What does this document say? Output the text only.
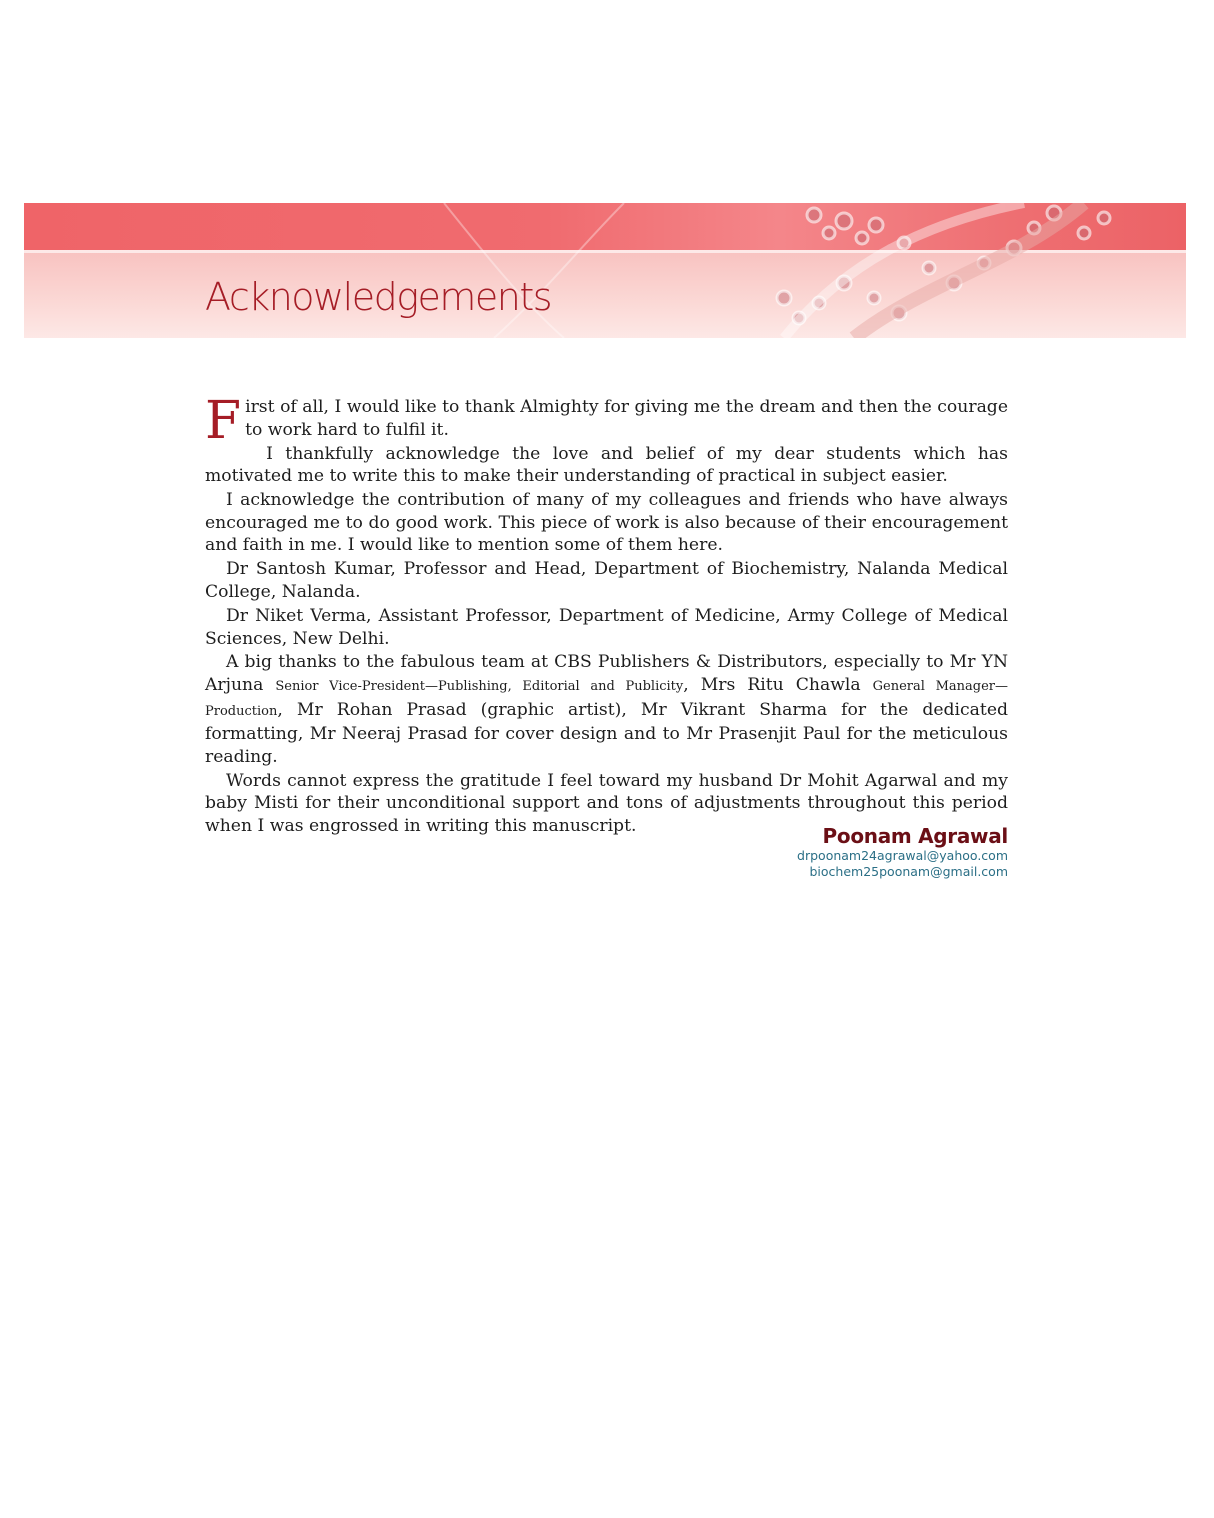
Acknowledgements

First of all, I would like to thank Almighty for giving me the dream and then the courage to work hard to fulfil it.

I thankfully acknowledge the love and belief of my dear students which has motivated me to write this to make their understanding of practical in subject easier.

I acknowledge the contribution of many of my colleagues and friends who have always encouraged me to do good work. This piece of work is also because of their encouragement and faith in me. I would like to mention some of them here.

Dr Santosh Kumar, Professor and Head, Department of Biochemistry, Nalanda Medical College, Nalanda.

Dr Niket Verma, Assistant Professor, Department of Medicine, Army College of Medical Sciences, New Delhi.

A big thanks to the fabulous team at CBS Publishers & Distributors, especially to Mr YN Arjuna Senior Vice-President—Publishing, Editorial and Publicity, Mrs Ritu Chawla General Manager—Production, Mr Rohan Prasad (graphic artist), Mr Vikrant Sharma for the dedicated formatting, Mr Neeraj Prasad for cover design and to Mr Prasenjit Paul for the meticulous reading.

Words cannot express the gratitude I feel toward my husband Dr Mohit Agarwal and my baby Misti for their unconditional support and tons of adjustments throughout this period when I was engrossed in writing this manuscript.	Poonam Agrawal
drpoonam24agrawal@yahoo.com
biochem25poonam@gmail.com
